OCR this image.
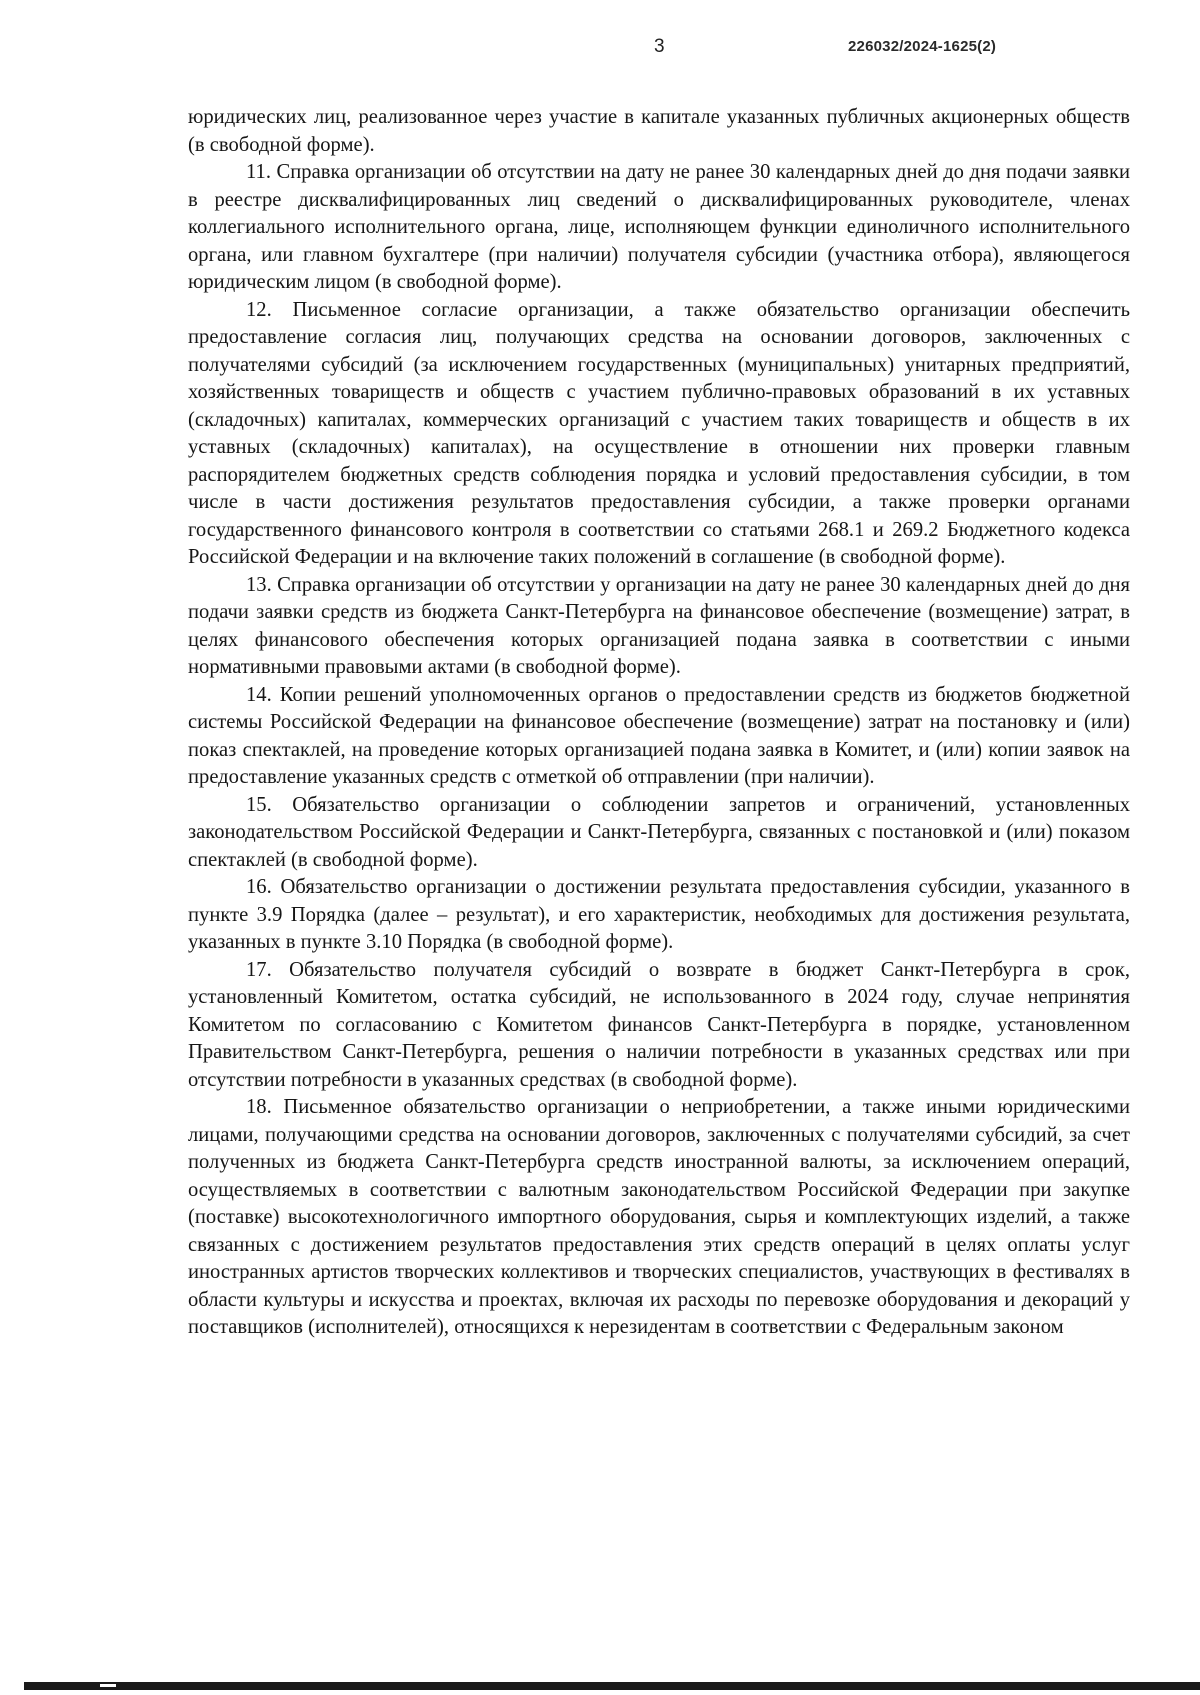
3	226032/2024-1625(2)

юридических лиц, реализованное через участие в капитале указанных публичных акционерных обществ (в свободной форме).

11. Справка организации об отсутствии на дату не ранее 30 календарных дней до дня подачи заявки в реестре дисквалифицированных лиц сведений о дисквалифицированных руководителе, членах коллегиального исполнительного органа, лице, исполняющем функции единоличного исполнительного органа, или главном бухгалтере (при наличии) получателя субсидии (участника отбора), являющегося юридическим лицом (в свободной форме).

12. Письменное согласие организации, а также обязательство организации обеспечить предоставление согласия лиц, получающих средства на основании договоров, заключенных с получателями субсидий (за исключением государственных (муниципальных) унитарных предприятий, хозяйственных товариществ и обществ с участием публично-правовых образований в их уставных (складочных) капиталах, коммерческих организаций с участием таких товариществ и обществ в их уставных (складочных) капиталах), на осуществление в отношении них проверки главным распорядителем бюджетных средств соблюдения порядка и условий предоставления субсидии, в том числе в части достижения результатов предоставления субсидии, а также проверки органами государственного финансового контроля в соответствии со статьями 268.1 и 269.2 Бюджетного кодекса Российской Федерации и на включение таких положений в соглашение (в свободной форме).

13. Справка организации об отсутствии у организации на дату не ранее 30 календарных дней до дня подачи заявки средств из бюджета Санкт-Петербурга на финансовое обеспечение (возмещение) затрат, в целях финансового обеспечения которых организацией подана заявка в соответствии с иными нормативными правовыми актами (в свободной форме).

14. Копии решений уполномоченных органов о предоставлении средств из бюджетов бюджетной системы Российской Федерации на финансовое обеспечение (возмещение) затрат на постановку и (или) показ спектаклей, на проведение которых организацией подана заявка в Комитет, и (или) копии заявок на предоставление указанных средств с отметкой об отправлении (при наличии).

15. Обязательство организации о соблюдении запретов и ограничений, установленных законодательством Российской Федерации и Санкт-Петербурга, связанных с постановкой и (или) показом спектаклей (в свободной форме).

16. Обязательство организации о достижении результата предоставления субсидии, указанного в пункте 3.9 Порядка (далее – результат), и его характеристик, необходимых для достижения результата, указанных в пункте 3.10 Порядка (в свободной форме).

17. Обязательство получателя субсидий о возврате в бюджет Санкт-Петербурга в срок, установленный Комитетом, остатка субсидий, не использованного в 2024 году, случае непринятия Комитетом по согласованию с Комитетом финансов Санкт-Петербурга в порядке, установленном Правительством Санкт-Петербурга, решения о наличии потребности в указанных средствах или при отсутствии потребности в указанных средствах (в свободной форме).

18. Письменное обязательство организации о неприобретении, а также иными юридическими лицами, получающими средства на основании договоров, заключенных с получателями субсидий, за счет полученных из бюджета Санкт-Петербурга средств иностранной валюты, за исключением операций, осуществляемых в соответствии с валютным законодательством Российской Федерации при закупке (поставке) высокотехнологичного импортного оборудования, сырья и комплектующих изделий, а также связанных с достижением результатов предоставления этих средств операций в целях оплаты услуг иностранных артистов творческих коллективов и творческих специалистов, участвующих в фестивалях в области культуры и искусства и проектах, включая их расходы по перевозке оборудования и декораций у поставщиков (исполнителей), относящихся к нерезидентам в соответствии с Федеральным законом
